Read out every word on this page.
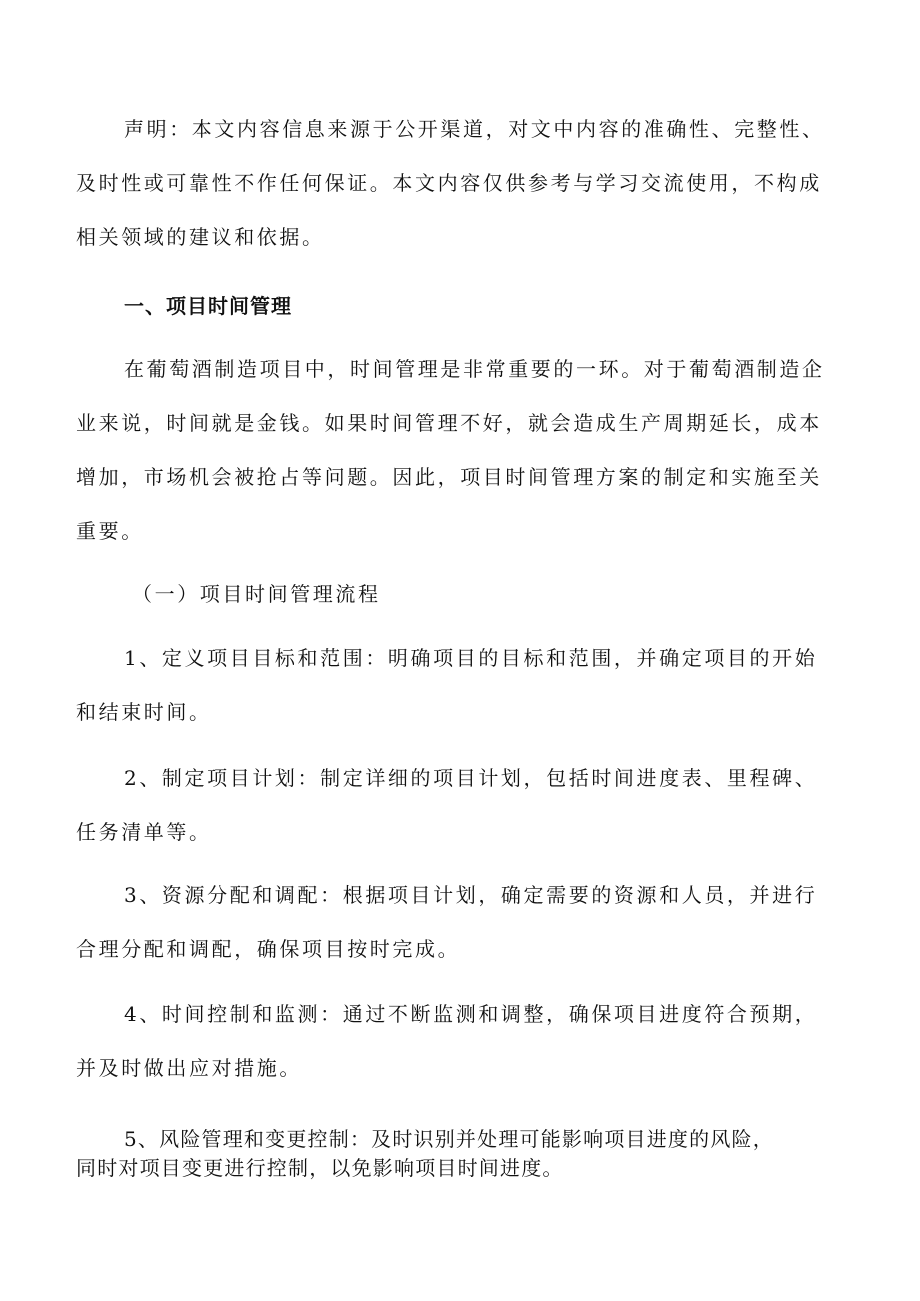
声明：本文内容信息来源于公开渠道，对文中内容的准确性、完整性、
及时性或可靠性不作任何保证。本文内容仅供参考与学习交流使用，不构成
相关领域的建议和依据。
一、项目时间管理
在葡萄酒制造项目中，时间管理是非常重要的一环。对于葡萄酒制造企
业来说，时间就是金钱。如果时间管理不好，就会造成生产周期延长，成本
增加，市场机会被抢占等问题。因此，项目时间管理方案的制定和实施至关
重要。
（一）项目时间管理流程
1、定义项目目标和范围：明确项目的目标和范围，并确定项目的开始
和结束时间。
2、制定项目计划：制定详细的项目计划，包括时间进度表、里程碑、
任务清单等。
3、资源分配和调配：根据项目计划，确定需要的资源和人员，并进行
合理分配和调配，确保项目按时完成。
4、时间控制和监测：通过不断监测和调整，确保项目进度符合预期，
并及时做出应对措施。
5、风险管理和变更控制：及时识别并处理可能影响项目进度的风险，
同时对项目变更进行控制，以免影响项目时间进度。
